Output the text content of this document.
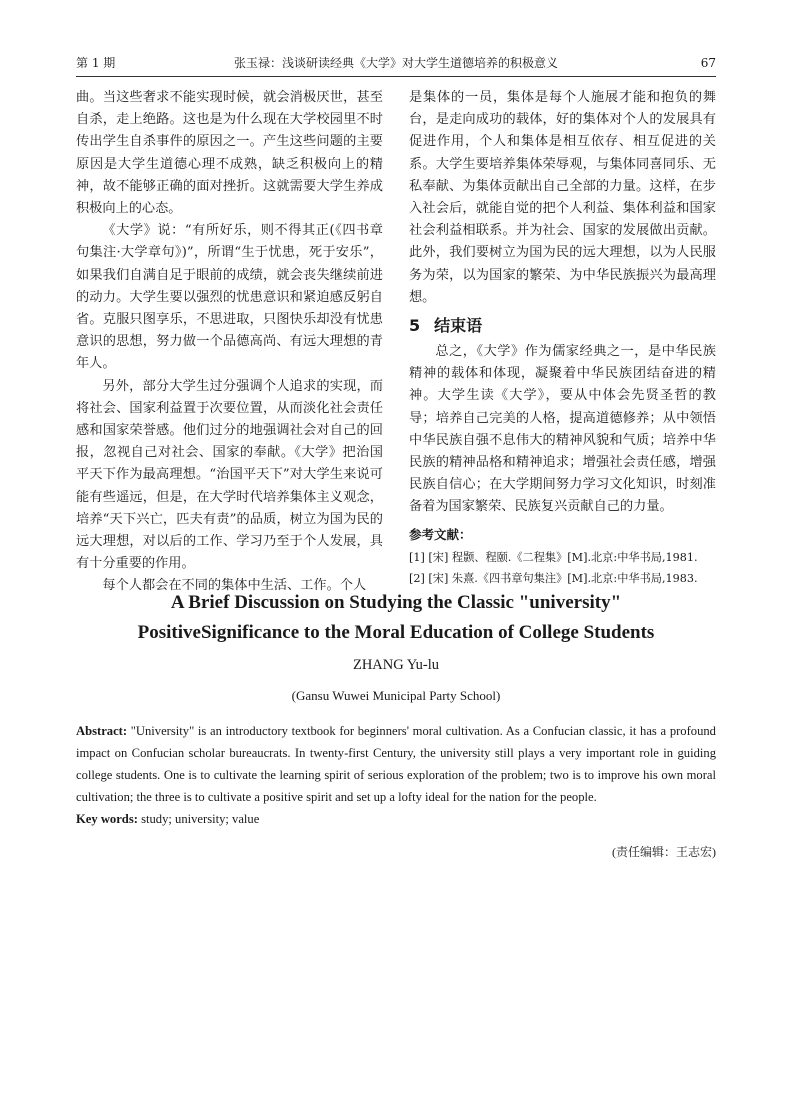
第 1 期	张玉禄：浅谈研读经典《大学》对大学生道德培养的积极意义	67

曲。当这些奢求不能实现时候，就会消极厌世，甚至自杀，走上绝路。这也是为什么现在大学校园里不时传出学生自杀事件的原因之一。产生这些问题的主要原因是大学生道德心理不成熟，缺乏积极向上的精神，故不能够正确的面对挫折。这就需要大学生养成积极向上的心态。

《大学》说：“有所好乐，则不得其正(《四书章句集注·大学章句》)”，所谓“生于忧患，死于安乐”，如果我们自满自足于眼前的成绩，就会丧失继续前进的动力。大学生要以强烈的忧患意识和紧迫感反躬自省。克服只图享乐，不思进取，只图快乐却没有忧患意识的思想，努力做一个品德高尚、有远大理想的青年人。

另外，部分大学生过分强调个人追求的实现，而将社会、国家利益置于次要位置，从而淡化社会责任感和国家荣誉感。他们过分的地强调社会对自己的回报，忽视自己对社会、国家的奉献。《大学》把治国平天下作为最高理想。“治国平天下”对大学生来说可能有些遥远，但是，在大学时代培养集体主义观念，培养“天下兴亡，匹夫有责”的品质，树立为国为民的远大理想，对以后的工作、学习乃至于个人发展，具有十分重要的作用。

每个人都会在不同的集体中生活、工作。个人

是集体的一员，集体是每个人施展才能和抱负的舞台，是走向成功的载体，好的集体对个人的发展具有促进作用，个人和集体是相互依存、相互促进的关系。大学生要培养集体荣辱观，与集体同喜同乐、无私奉献、为集体贡献出自己全部的力量。这样，在步入社会后，就能自觉的把个人利益、集体利益和国家社会利益相联系。并为社会、国家的发展做出贡献。此外，我们要树立为国为民的远大理想，以为人民服务为荣，以为国家的繁荣、为中华民族振兴为最高理想。

5 结束语

总之，《大学》作为儒家经典之一，是中华民族精神的载体和体现，凝聚着中华民族团结奋进的精神。大学生读《大学》，要从中体会先贤圣哲的教导；培养自己完美的人格，提高道德修养；从中领悟中华民族自强不息伟大的精神风貌和气质；培养中华民族的精神品格和精神追求；增强社会责任感，增强民族自信心；在大学期间努力学习文化知识，时刻准备着为国家繁荣、民族复兴贡献自己的力量。

参考文献：
[1] [宋] 程颢、程颐.《二程集》[M].北京:中华书局,1981.
[2] [宋] 朱熹.《四书章句集注》[M].北京:中华书局,1983.

A Brief Discussion on Studying the Classic "university"
PositiveSignificance to the Moral Education of College Students

ZHANG Yu-lu

(Gansu Wuwei Municipal Party School)

Abstract: "University" is an introductory textbook for beginners' moral cultivation. As a Confucian classic, it has a profound impact on Confucian scholar bureaucrats. In twenty-first Century, the university still plays a very important role in guiding college students. One is to cultivate the learning spirit of serious exploration of the problem; two is to improve his own moral cultivation; the three is to cultivate a positive spirit and set up a lofty ideal for the nation for the people.

Key words: study; university; value

(责任编辑：王志宏)
